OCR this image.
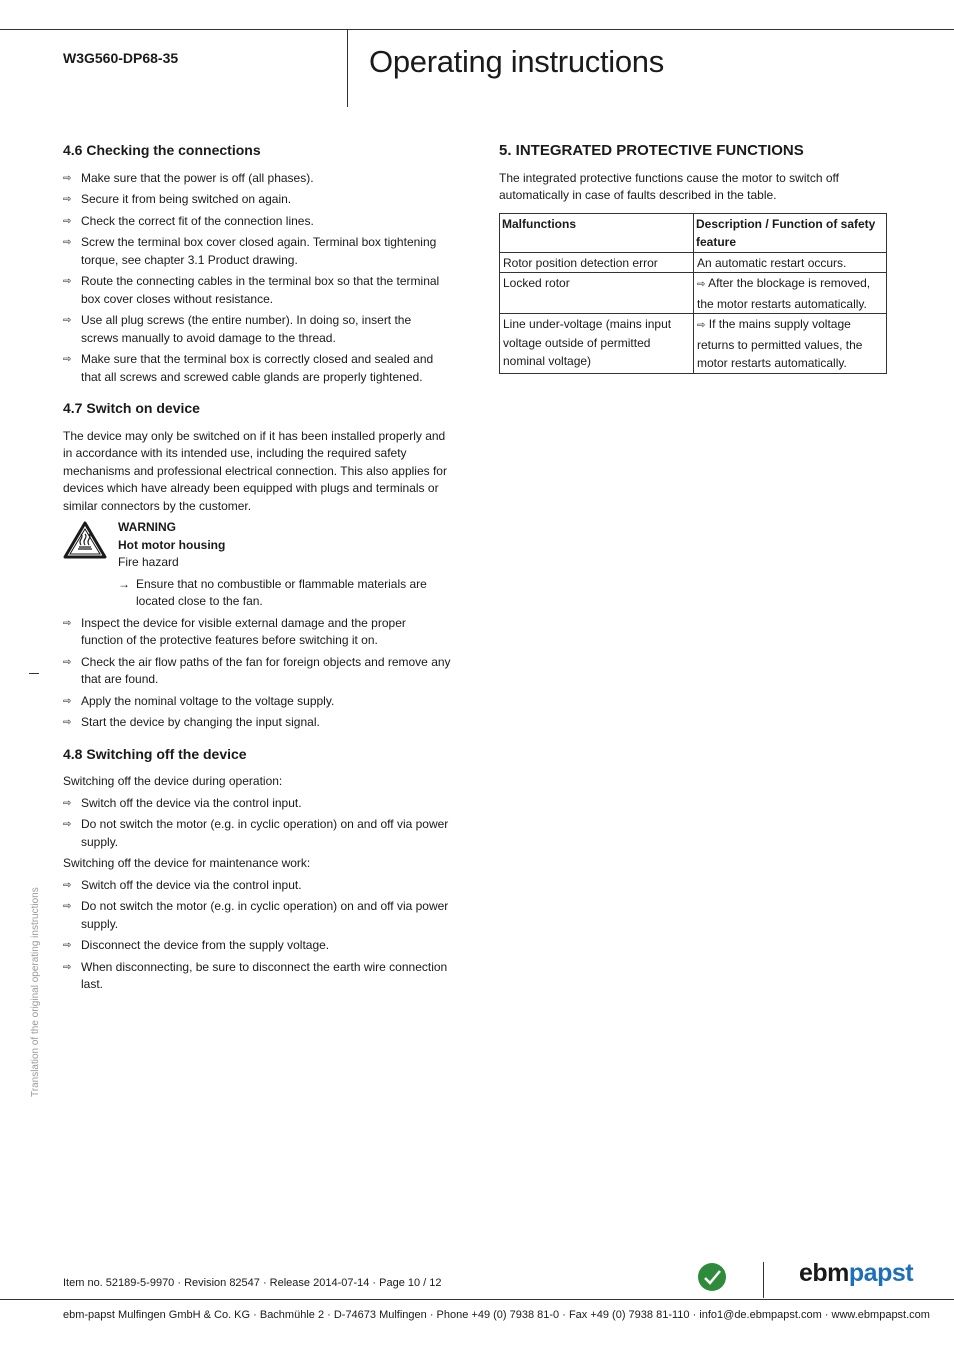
W3G560-DP68-35	Operating instructions
4.6 Checking the connections
⇨ Make sure that the power is off (all phases).
⇨ Secure it from being switched on again.
⇨ Check the correct fit of the connection lines.
⇨ Screw the terminal box cover closed again. Terminal box tightening torque, see chapter 3.1 Product drawing.
⇨ Route the connecting cables in the terminal box so that the terminal box cover closes without resistance.
⇨ Use all plug screws (the entire number). In doing so, insert the screws manually to avoid damage to the thread.
⇨ Make sure that the terminal box is correctly closed and sealed and that all screws and screwed cable glands are properly tightened.
4.7 Switch on device

The device may only be switched on if it has been installed properly and in accordance with its intended use, including the required safety mechanisms and professional electrical connection. This also applies for devices which have already been equipped with plugs and terminals or similar connectors by the customer.

WARNING
Hot motor housing
Fire hazard
→ Ensure that no combustible or flammable materials are located close to the fan.
⇨ Inspect the device for visible external damage and the proper function of the protective features before switching it on.
⇨ Check the air flow paths of the fan for foreign objects and remove any that are found.
⇨ Apply the nominal voltage to the voltage supply.
⇨ Start the device by changing the input signal.
4.8 Switching off the device

Switching off the device during operation:

⇨ Switch off the device via the control input.
⇨ Do not switch the motor (e.g. in cyclic operation) on and off via power supply.

Switching off the device for maintenance work:

⇨ Switch off the device via the control input.
⇨ Do not switch the motor (e.g. in cyclic operation) on and off via power supply.
⇨ Disconnect the device from the supply voltage.
⇨ When disconnecting, be sure to disconnect the earth wire connection last.
5. INTEGRATED PROTECTIVE FUNCTIONS

The integrated protective functions cause the motor to switch off automatically in case of faults described in the table.

Malfunctions	Description / Function of safety feature
Rotor position detection error	An automatic restart occurs.
Locked rotor	⇨ After the blockage is removed, the motor restarts automatically.
Line under-voltage (mains input voltage outside of permitted nominal voltage)	⇨ If the mains supply voltage returns to permitted values, the motor restarts automatically.
Translation of the original operating instructions
Item no. 52189-5-9970 · Revision 82547 · Release 2014-07-14 · Page 10 / 12	ebmpapst
ebm-papst Mulfingen GmbH & Co. KG · Bachmühle 2 · D-74673 Mulfingen · Phone +49 (0) 7938 81-0 · Fax +49 (0) 7938 81-110 · info1@de.ebmpapst.com · www.ebmpapst.com
